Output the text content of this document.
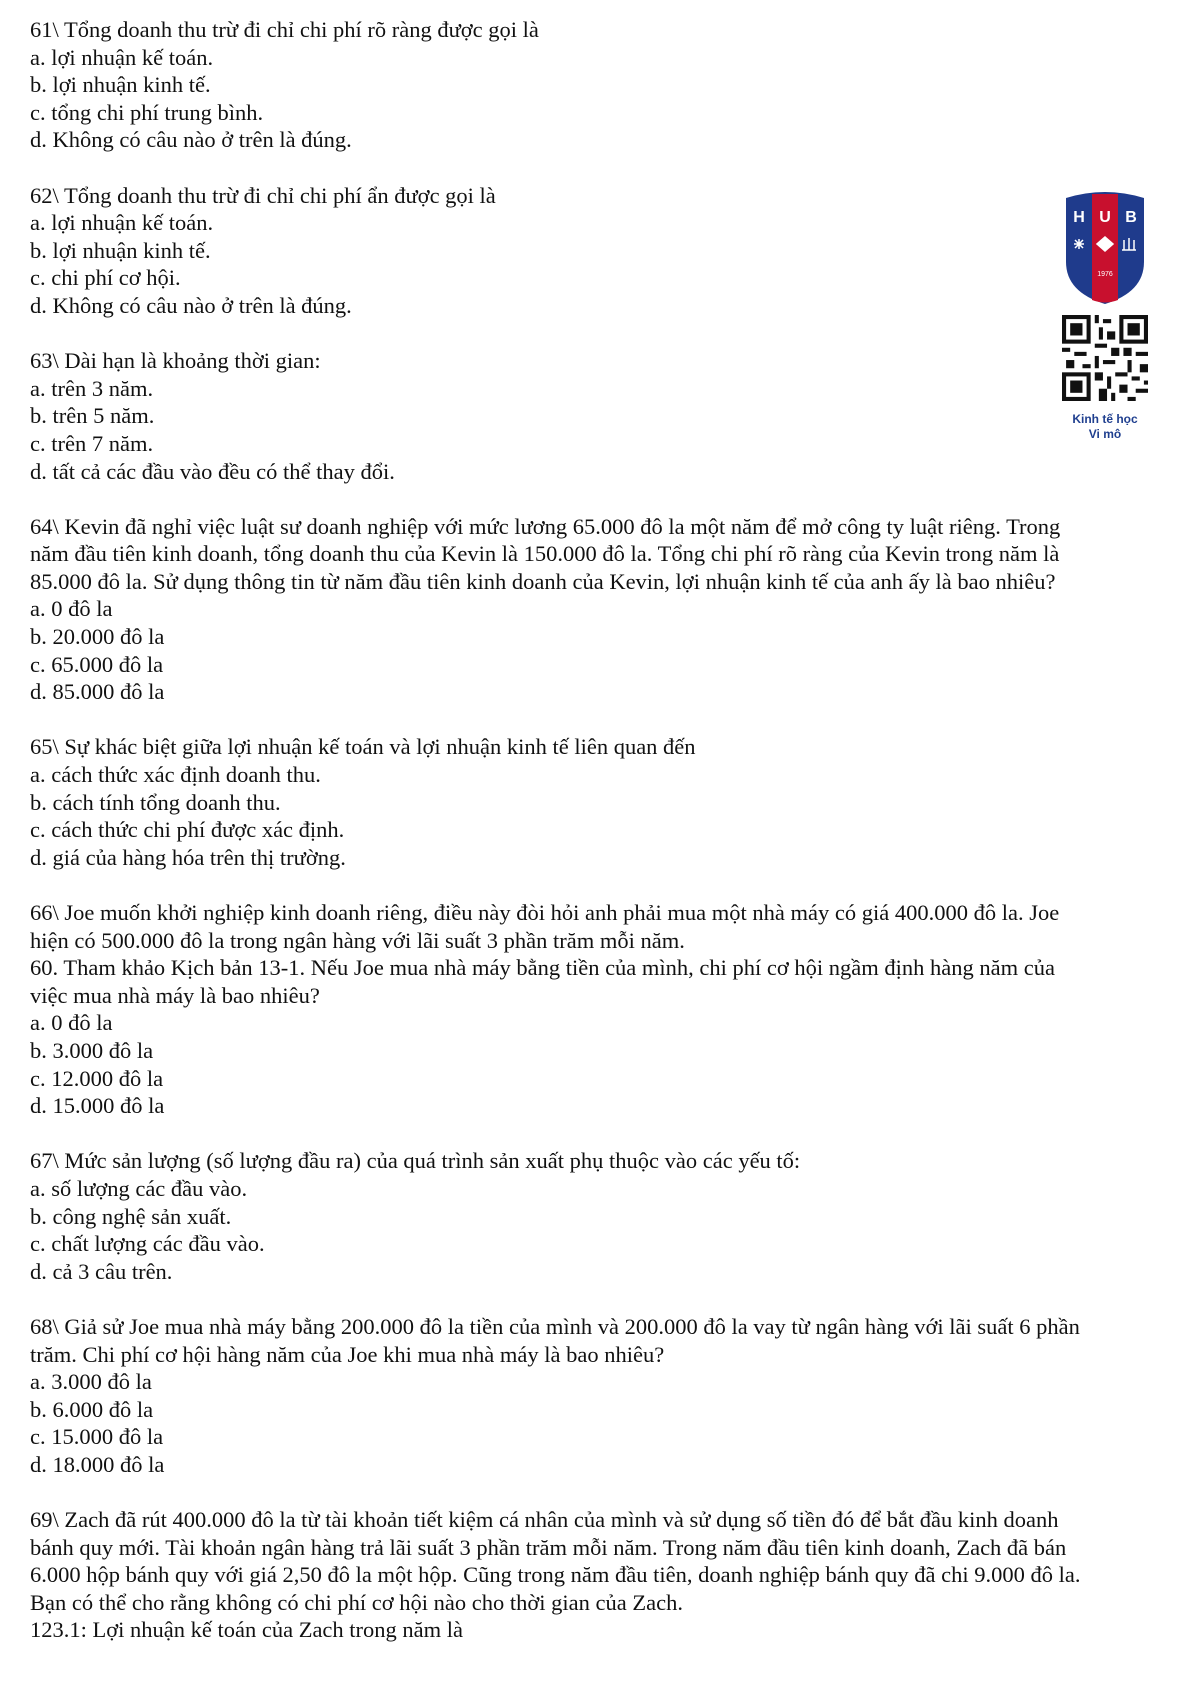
61\ Tổng doanh thu trừ đi chỉ chi phí rõ ràng được gọi là
a. lợi nhuận kế toán.
b. lợi nhuận kinh tế.
c. tổng chi phí trung bình.
d. Không có câu nào ở trên là đúng.
62\ Tổng doanh thu trừ đi chỉ chi phí ẩn được gọi là
a. lợi nhuận kế toán.
b. lợi nhuận kinh tế.
c. chi phí cơ hội.
d. Không có câu nào ở trên là đúng.
63\ Dài hạn là khoảng thời gian:
a. trên 3 năm.
b. trên 5 năm.
c. trên 7 năm.
d. tất cả các đầu vào đều có thể thay đổi.
64\ Kevin đã nghỉ việc luật sư doanh nghiệp với mức lương 65.000 đô la một năm để mở công ty luật riêng. Trong
năm đầu tiên kinh doanh, tổng doanh thu của Kevin là 150.000 đô la. Tổng chi phí rõ ràng của Kevin trong năm là
85.000 đô la. Sử dụng thông tin từ năm đầu tiên kinh doanh của Kevin, lợi nhuận kinh tế của anh ấy là bao nhiêu?
a. 0 đô la
b. 20.000 đô la
c. 65.000 đô la
d. 85.000 đô la
65\ Sự khác biệt giữa lợi nhuận kế toán và lợi nhuận kinh tế liên quan đến
a. cách thức xác định doanh thu.
b. cách tính tổng doanh thu.
c. cách thức chi phí được xác định.
d. giá của hàng hóa trên thị trường.
66\ Joe muốn khởi nghiệp kinh doanh riêng, điều này đòi hỏi anh phải mua một nhà máy có giá 400.000 đô la. Joe
hiện có 500.000 đô la trong ngân hàng với lãi suất 3 phần trăm mỗi năm.
60. Tham khảo Kịch bản 13-1. Nếu Joe mua nhà máy bằng tiền của mình, chi phí cơ hội ngầm định hàng năm của
việc mua nhà máy là bao nhiêu?
a. 0 đô la
b. 3.000 đô la
c. 12.000 đô la
d. 15.000 đô la
67\ Mức sản lượng (số lượng đầu ra) của quá trình sản xuất phụ thuộc vào các yếu tố:
a. số lượng các đầu vào.
b. công nghệ sản xuất.
c. chất lượng các đầu vào.
d. cả 3 câu trên.
68\ Giả sử Joe mua nhà máy bằng 200.000 đô la tiền của mình và 200.000 đô la vay từ ngân hàng với lãi suất 6 phần
trăm. Chi phí cơ hội hàng năm của Joe khi mua nhà máy là bao nhiêu?
a. 3.000 đô la
b. 6.000 đô la
c. 15.000 đô la
d. 18.000 đô la
69\ Zach đã rút 400.000 đô la từ tài khoản tiết kiệm cá nhân của mình và sử dụng số tiền đó để bắt đầu kinh doanh
bánh quy mới. Tài khoản ngân hàng trả lãi suất 3 phần trăm mỗi năm. Trong năm đầu tiên kinh doanh, Zach đã bán
6.000 hộp bánh quy với giá 2,50 đô la một hộp. Cũng trong năm đầu tiên, doanh nghiệp bánh quy đã chi 9.000 đô la.
Bạn có thể cho rằng không có chi phí cơ hội nào cho thời gian của Zach.
123.1: Lợi nhuận kế toán của Zach trong năm là
H U B
1976

Kinh tế học
Vi mô
